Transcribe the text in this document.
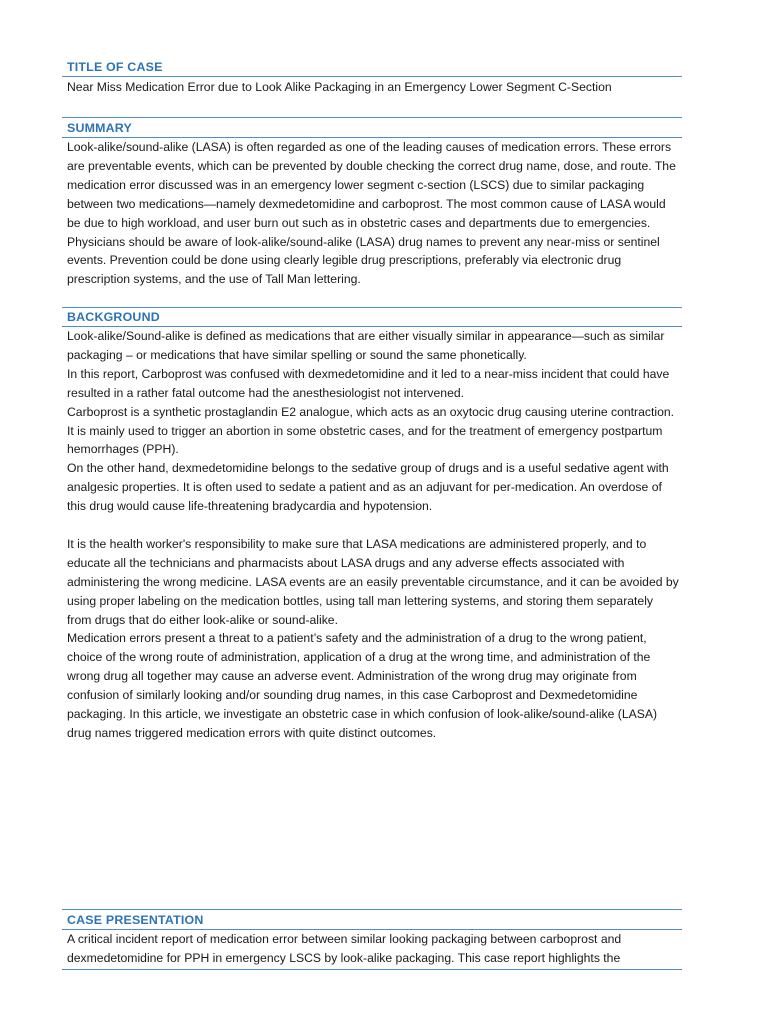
TITLE OF CASE

Near Miss Medication Error due to Look Alike Packaging in an Emergency Lower Segment C-Section

SUMMARY

Look-alike/sound-alike (LASA) is often regarded as one of the leading causes of medication errors. These errors are preventable events, which can be prevented by double checking the correct drug name, dose, and route. The medication error discussed was in an emergency lower segment c-section (LSCS) due to similar packaging between two medications—namely dexmedetomidine and carboprost. The most common cause of LASA would be due to high workload, and user burn out such as in obstetric cases and departments due to emergencies.

Physicians should be aware of look-alike/sound-alike (LASA) drug names to prevent any near-miss or sentinel events. Prevention could be done using clearly legible drug prescriptions, preferably via electronic drug prescription systems, and the use of Tall Man lettering.

BACKGROUND

Look-alike/Sound-alike is defined as medications that are either visually similar in appearance—such as similar packaging – or medications that have similar spelling or sound the same phonetically.

In this report, Carboprost was confused with dexmedetomidine and it led to a near-miss incident that could have resulted in a rather fatal outcome had the anesthesiologist not intervened.

Carboprost is a synthetic prostaglandin E2 analogue, which acts as an oxytocic drug causing uterine contraction. It is mainly used to trigger an abortion in some obstetric cases, and for the treatment of emergency postpartum hemorrhages (PPH).

On the other hand, dexmedetomidine belongs to the sedative group of drugs and is a useful sedative agent with analgesic properties. It is often used to sedate a patient and as an adjuvant for per-medication. An overdose of this drug would cause life-threatening bradycardia and hypotension.

It is the health worker's responsibility to make sure that LASA medications are administered properly, and to educate all the technicians and pharmacists about LASA drugs and any adverse effects associated with administering the wrong medicine. LASA events are an easily preventable circumstance, and it can be avoided by using proper labeling on the medication bottles, using tall man lettering systems, and storing them separately from drugs that do either look-alike or sound-alike.

Medication errors present a threat to a patient’s safety and the administration of a drug to the wrong patient, choice of the wrong route of administration, application of a drug at the wrong time, and administration of the wrong drug all together may cause an adverse event. Administration of the wrong drug may originate from confusion of similarly looking and/or sounding drug names, in this case Carboprost and Dexmedetomidine packaging. In this article, we investigate an obstetric case in which confusion of look-alike/sound-alike (LASA) drug names triggered medication errors with quite distinct outcomes.

CASE PRESENTATION

A critical incident report of medication error between similar looking packaging between carboprost and dexmedetomidine for PPH in emergency LSCS by look-alike packaging. This case report highlights the
